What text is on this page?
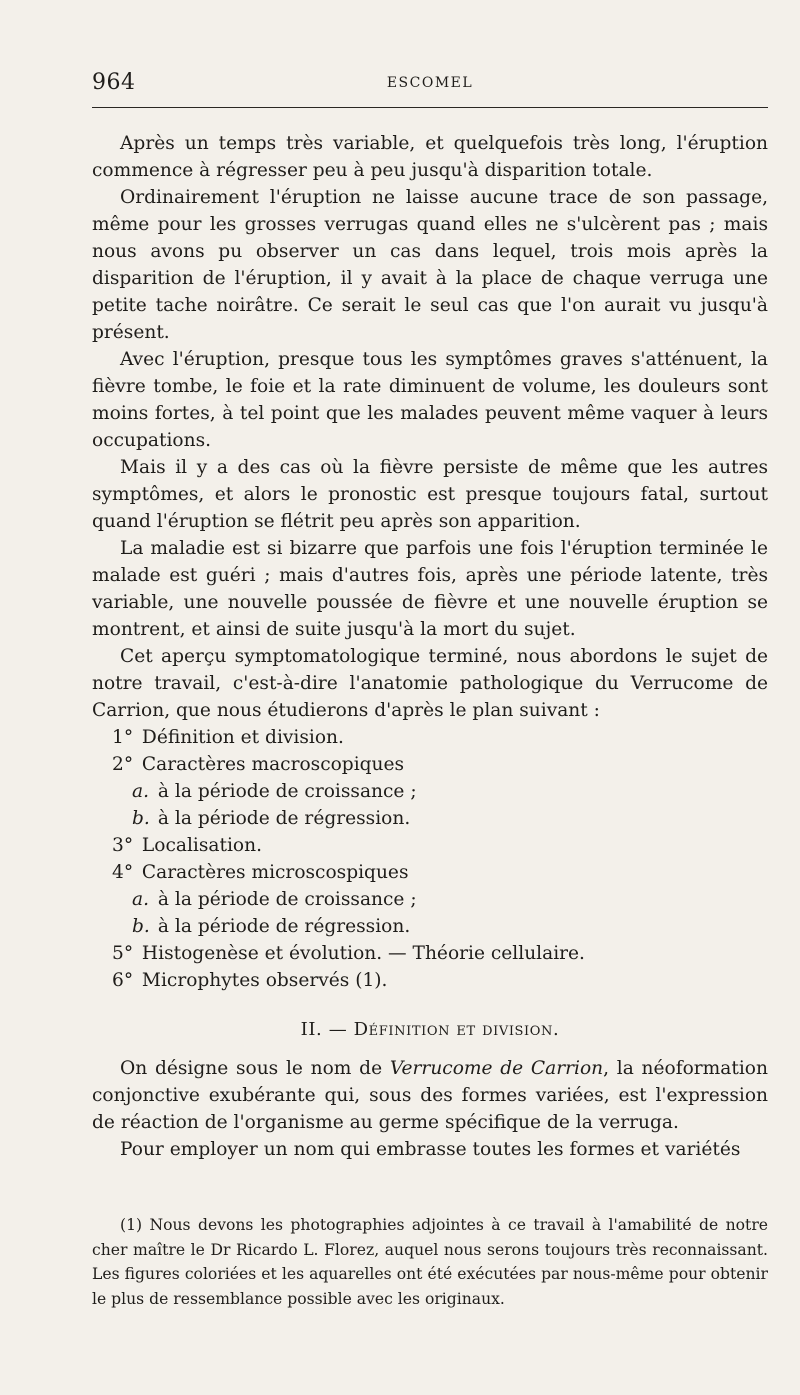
964	ESCOMEL

Après un temps très variable, et quelquefois très long, l'éruption commence à régresser peu à peu jusqu'à disparition totale.

Ordinairement l'éruption ne laisse aucune trace de son passage, même pour les grosses verrugas quand elles ne s'ulcèrent pas ; mais nous avons pu observer un cas dans lequel, trois mois après la disparition de l'éruption, il y avait à la place de chaque verruga une petite tache noirâtre. Ce serait le seul cas que l'on aurait vu jusqu'à présent.

Avec l'éruption, presque tous les symptômes graves s'atténuent, la fièvre tombe, le foie et la rate diminuent de volume, les douleurs sont moins fortes, à tel point que les malades peuvent même vaquer à leurs occupations.

Mais il y a des cas où la fièvre persiste de même que les autres symptômes, et alors le pronostic est presque toujours fatal, surtout quand l'éruption se flétrit peu après son apparition.

La maladie est si bizarre que parfois une fois l'éruption terminée le malade est guéri ; mais d'autres fois, après une période latente, très variable, une nouvelle poussée de fièvre et une nouvelle éruption se montrent, et ainsi de suite jusqu'à la mort du sujet.

Cet aperçu symptomatologique terminé, nous abordons le sujet de notre travail, c'est-à-dire l'anatomie pathologique du Verrucome de Carrion, que nous étudierons d'après le plan suivant :

1° Définition et division.
2° Caractères macroscopiques
a. à la période de croissance ;
b. à la période de régression.
3° Localisation.
4° Caractères microscospiques
a. à la période de croissance ;
b. à la période de régression.
5° Histogenèse et évolution. — Théorie cellulaire.
6° Microphytes observés (1).
II. — Définition et division.

On désigne sous le nom de Verrucome de Carrion, la néoformation conjonctive exubérante qui, sous des formes variées, est l'expression de réaction de l'organisme au germe spécifique de la verruga.

Pour employer un nom qui embrasse toutes les formes et variétés

(1) Nous devons les photographies adjointes à ce travail à l'amabilité de notre cher maître le Dr Ricardo L. Florez, auquel nous serons toujours très reconnaissant. Les figures coloriées et les aquarelles ont été exécutées par nous-même pour obtenir le plus de ressemblance possible avec les originaux.
